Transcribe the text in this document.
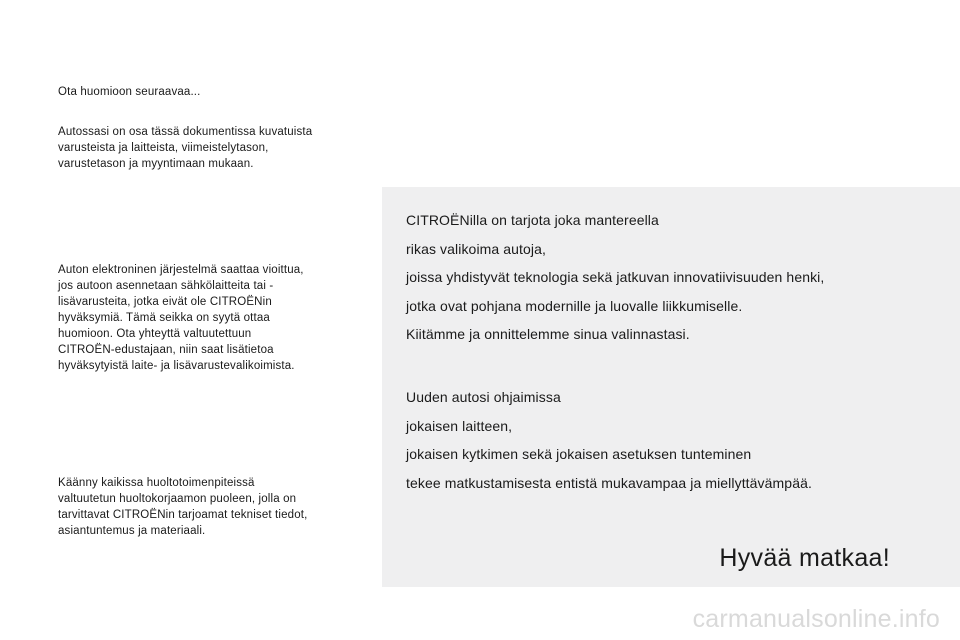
Ota huomioon seuraavaa...

Autossasi on osa tässä dokumentissa kuvatuista
varusteista ja laitteista, viimeistelytason,
varustetason ja myyntimaan mukaan.

Auton elektroninen järjestelmä saattaa vioittua,
jos autoon asennetaan sähkölaitteita tai -
lisävarusteita, jotka eivät ole CITROËNin
hyväksymiä. Tämä seikka on syytä ottaa
huomioon. Ota yhteyttä valtuutettuun
CITROËN-edustajaan, niin saat lisätietoa
hyväksytyistä laite- ja lisävarustevalikoimista.

Käänny kaikissa huoltotoimenpiteissä
valtuutetun huoltokorjaamon puoleen, jolla on
tarvittavat CITROËNin tarjoamat tekniset tiedot,
asiantuntemus ja materiaali.

CITROËNilla on tarjota joka mantereella
rikas valikoima autoja,
joissa yhdistyvät teknologia sekä jatkuvan innovatiivisuuden henki,
jotka ovat pohjana modernille ja luovalle liikkumiselle.
Kiitämme ja onnittelemme sinua valinnastasi.

Uuden autosi ohjaimissa
jokaisen laitteen,
jokaisen kytkimen sekä jokaisen asetuksen tunteminen
tekee matkustamisesta entistä mukavampaa ja miellyttävämpää.

Hyvää matkaa!
carmanualsonline.info
